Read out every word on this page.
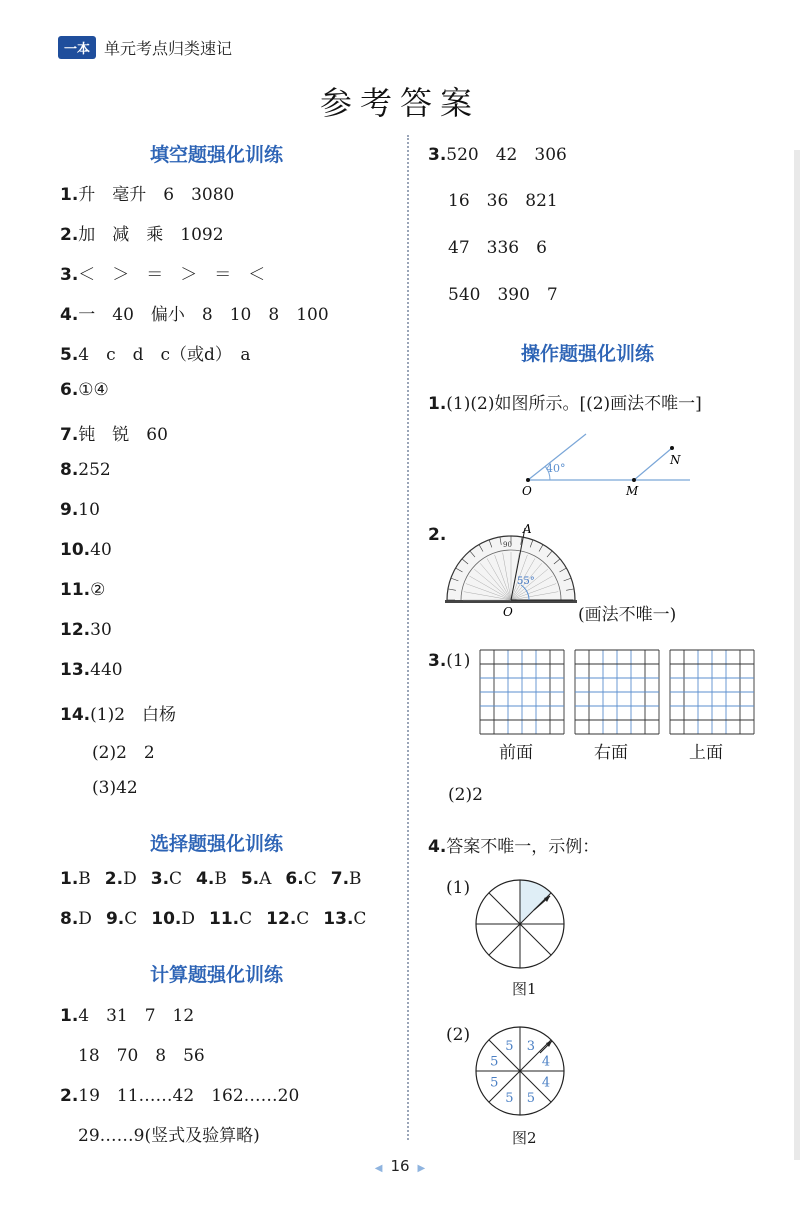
一本 单元考点归类速记
参考答案
填空题强化训练
1.升　毫升　6　3080
2.加　减　乘　1092
3.＜　＞　＝　＞　＝　＜
4.一　40　偏小　8　10　8　100
5.4　c　d　c（或d）　a
6.①④
7.钝　锐　60
8.252
9.10
10.40
11.②
12.30
13.440
14.(1)2　白杨
(2)2　2
(3)42
选择题强化训练
1.B 2.D 3.C 4.B 5.A 6.C 7.B
8.D 9.C 10.D 11.C 12.C 13.C
计算题强化训练
1.4　31　7　12
18　70　8　56
2.19　11……42　162……20
29……9(竖式及验算略)
3.520　42　306
16　36　821
47　336　6
540　390　7
操作题强化训练
1.(1)(2)如图所示。[(2)画法不唯一]
40°
O	M
N
2.
55°
90
A
O	(画法不唯一)
3.(1)
前面	右面	上面
(2)2
4.答案不唯一，示例：
(1)
图1
(2)
5 3
4
4
5
5
5
5
图2
◀ 16 ▶
